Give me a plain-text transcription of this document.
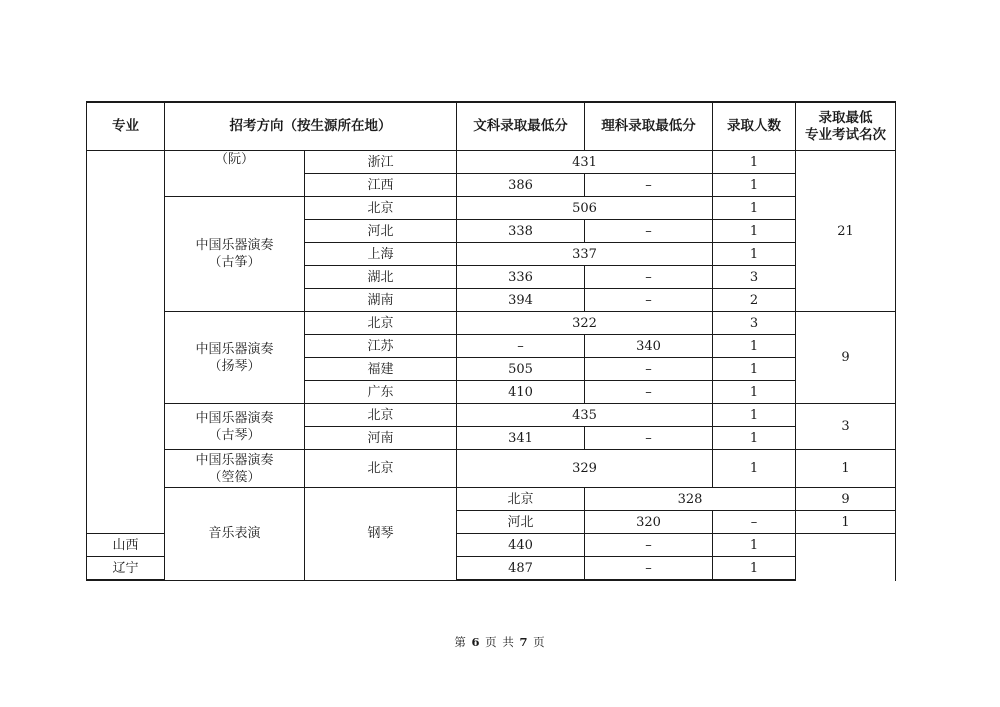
专业	招考方向（按生源所在地）		文科录取最低分	理科录取最低分	录取人数	录取最低
专业考试名次	
	（阮）	浙江	431		1	21	
		江西	386	–	1		
	中国乐器演奏
（古筝）	北京	506		1		
		河北	338	–	1		
		上海	337		1		
		湖北	336	–	3		
		湖南	394	–	2		
	中国乐器演奏
（扬琴）	北京	322		3	9	
		江苏	–	340	1		
		福建	505	–	1		
		广东	410	–	1		
	中国乐器演奏
（古琴）	北京	435		1	3	
		河南	341	–	1		
	中国乐器演奏
（箜篌）	北京	329		1	1	
	音乐表演	钢琴	北京	328		9	
			河北	320	–	1	
山西			440	–	1		
辽宁			487	–	1		
第 6 页 共 7 页
